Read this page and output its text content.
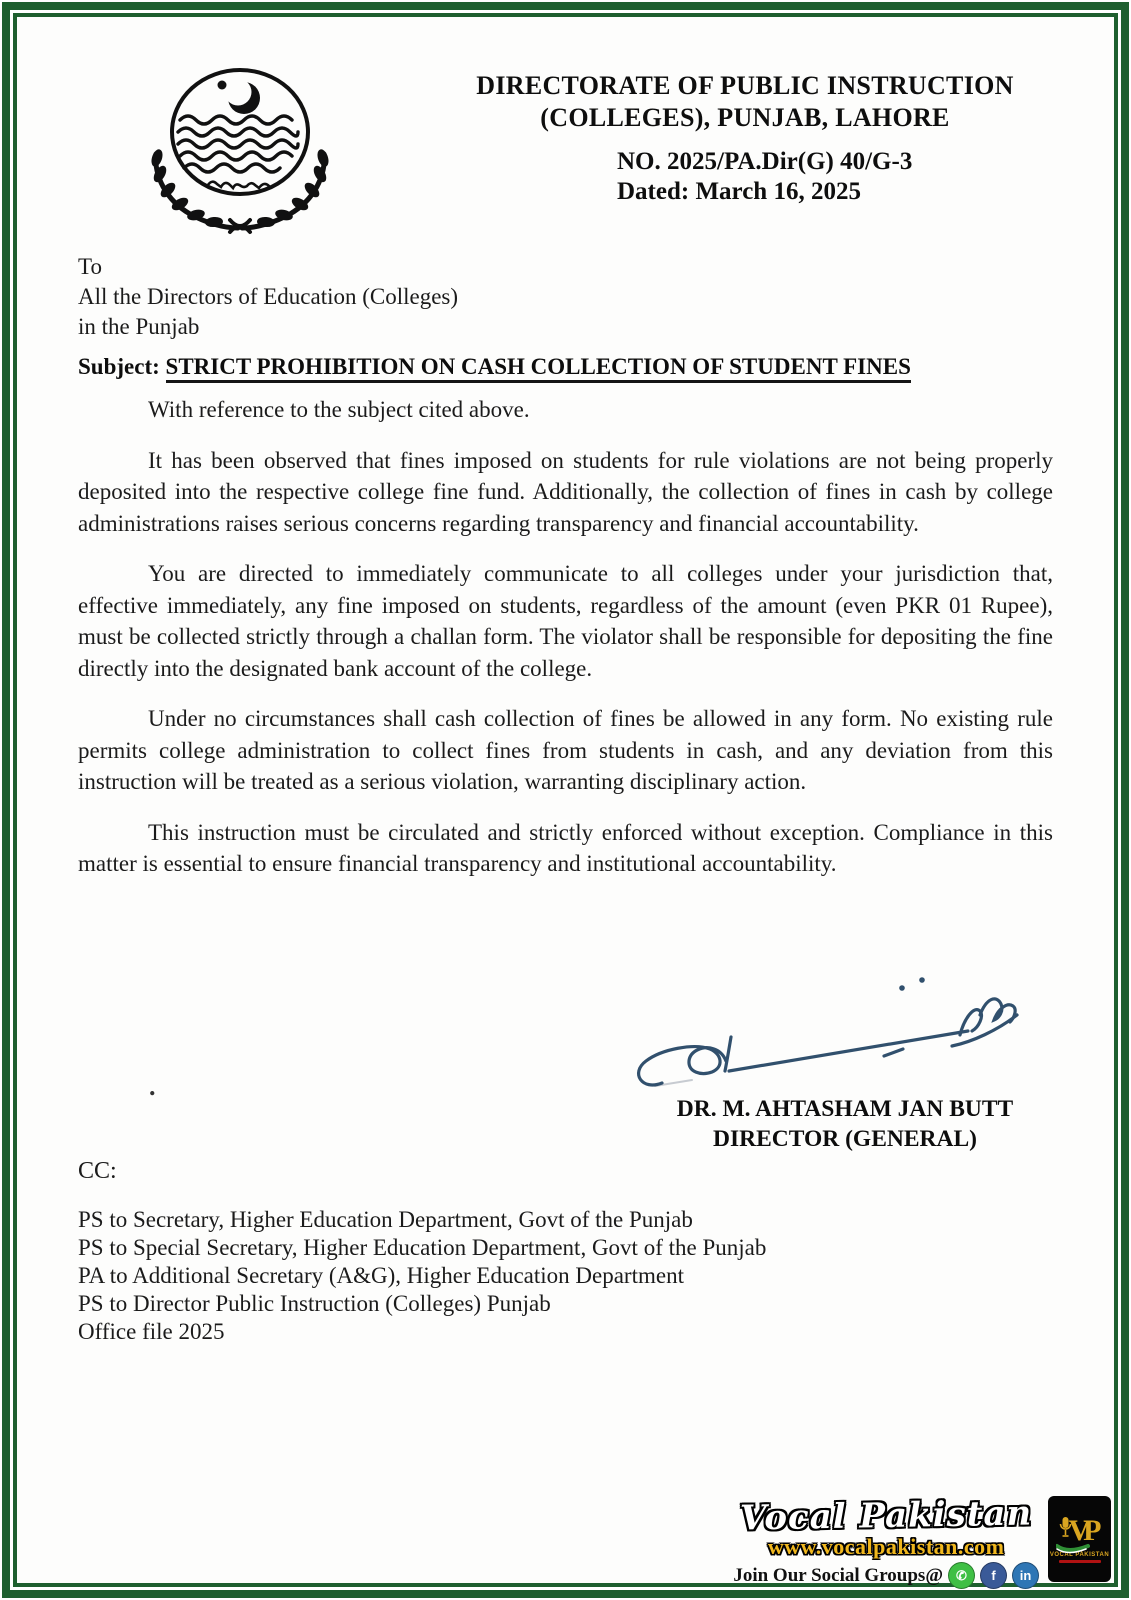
DIRECTORATE OF PUBLIC INSTRUCTION
(COLLEGES), PUNJAB, LAHORE
NO. 2025/PA.Dir(G) 40/G-3
Dated: March 16, 2025
To
All the Directors of Education (Colleges)
in the Punjab
Subject: STRICT PROHIBITION ON CASH COLLECTION OF STUDENT FINES

With reference to the subject cited above.

It has been observed that fines imposed on students for rule violations are not being properly deposited into the respective college fine fund. Additionally, the collection of fines in cash by college administrations raises serious concerns regarding transparency and financial accountability.

You are directed to immediately communicate to all colleges under your jurisdiction that, effective immediately, any fine imposed on students, regardless of the amount (even PKR 01 Rupee), must be collected strictly through a challan form. The violator shall be responsible for depositing the fine directly into the designated bank account of the college.

Under no circumstances shall cash collection of fines be allowed in any form. No existing rule permits college administration to collect fines from students in cash, and any deviation from this instruction will be treated as a serious violation, warranting disciplinary action.

This instruction must be circulated and strictly enforced without exception. Compliance in this matter is essential to ensure financial transparency and institutional accountability.

.
DR. M. AHTASHAM JAN BUTT
DIRECTOR (GENERAL)
CC:
PS to Secretary, Higher Education Department, Govt of the Punjab
PS to Special Secretary, Higher Education Department, Govt of the Punjab
PA to Additional Secretary (A&G), Higher Education Department
PS to Director Public Instruction (Colleges) Punjab
Office file 2025
Vocal Pakistan
www.vocalpakistan.com
Join Our Social Groups@	✆	f	in
VP
VOCAL PAKISTAN
